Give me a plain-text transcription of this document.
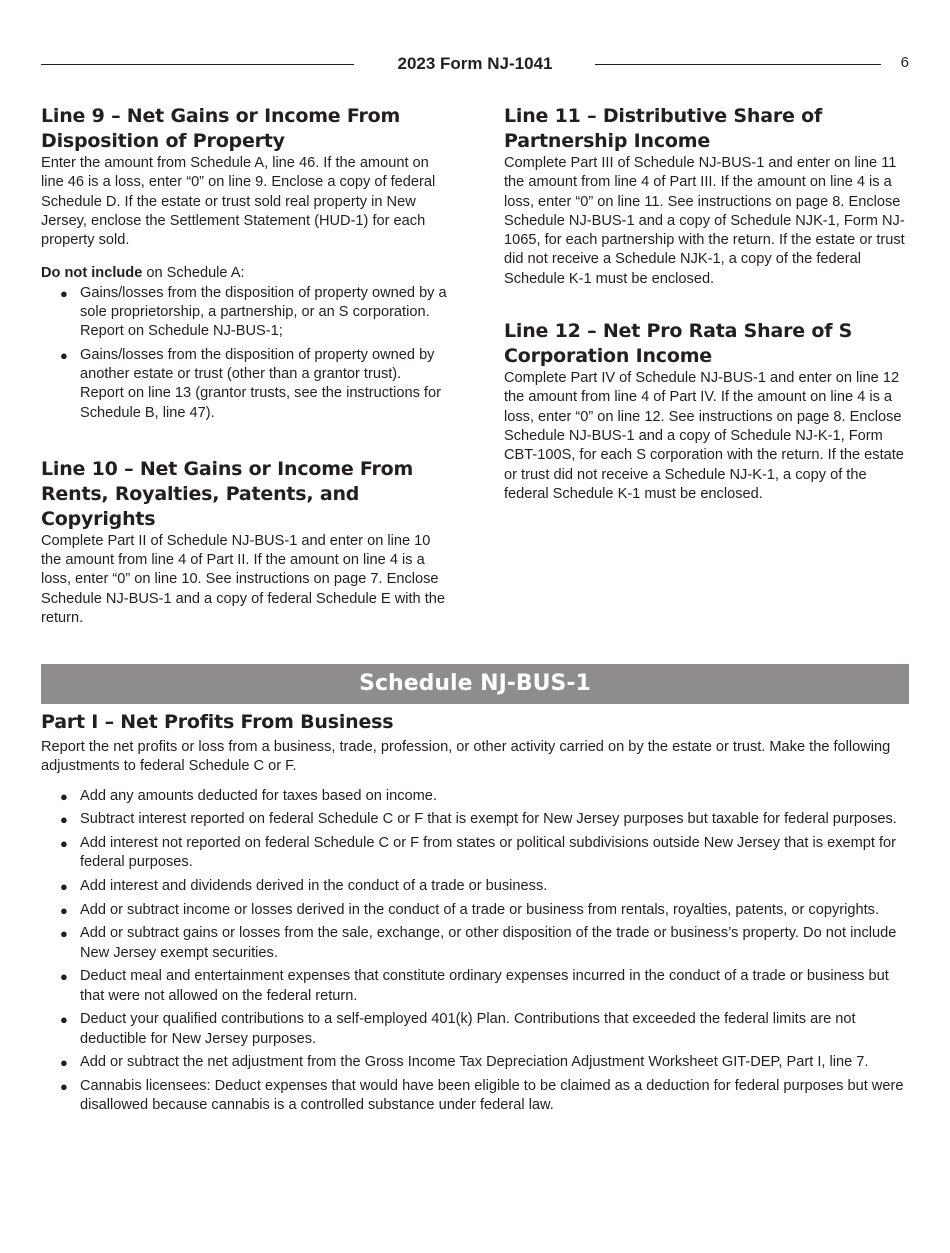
2023 Form NJ-1041	6
Line 9 – Net Gains or Income From Disposition of Property

Enter the amount from Schedule A, line 46. If the amount on line 46 is a loss, enter “0” on line 9. Enclose a copy of federal Schedule D. If the estate or trust sold real property in New Jersey, enclose the Settlement Statement (HUD-1) for each property sold.

Do not include on Schedule A:

● Gains/losses from the disposition of property owned by a sole proprietorship, a partnership, or an S corporation. Report on Schedule NJ-BUS-1;
● Gains/losses from the disposition of property owned by another estate or trust (other than a grantor trust). Report on line 13 (grantor trusts, see the instructions for Schedule B, line 47).
Line 10 – Net Gains or Income From Rents, Royalties, Patents, and Copyrights

Complete Part II of Schedule NJ-BUS-1 and enter on line 10 the amount from line 4 of Part II. If the amount on line 4 is a loss, enter “0” on line 10. See instructions on page 7. Enclose Schedule NJ-BUS-1 and a copy of federal Schedule E with the return.

Line 11 – Distributive Share of Partnership Income

Complete Part III of Schedule NJ-BUS-1 and enter on line 11 the amount from line 4 of Part III. If the amount on line 4 is a loss, enter “0” on line 11. See instructions on page 8. Enclose Schedule NJ-BUS-1 and a copy of Schedule NJK-1, Form NJ-1065, for each partnership with the return. If the estate or trust did not receive a Schedule NJK-1, a copy of the federal Schedule K-1 must be enclosed.

Line 12 – Net Pro Rata Share of S Corporation Income

Complete Part IV of Schedule NJ-BUS-1 and enter on line 12 the amount from line 4 of Part IV. If the amount on line 4 is a loss, enter “0” on line 12. See instructions on page 8. Enclose Schedule NJ-BUS-1 and a copy of Schedule NJ-K-1, Form CBT-100S, for each S corporation with the return. If the estate or trust did not receive a Schedule NJ-K-1, a copy of the federal Schedule K-1 must be enclosed.

Schedule NJ-BUS-1
Part I – Net Profits From Business

Report the net profits or loss from a business, trade, profession, or other activity carried on by the estate or trust. Make the following adjustments to federal Schedule C or F.

● Add any amounts deducted for taxes based on income.
● Subtract interest reported on federal Schedule C or F that is exempt for New Jersey purposes but taxable for federal purposes.
● Add interest not reported on federal Schedule C or F from states or political subdivisions outside New Jersey that is exempt for federal purposes.
● Add interest and dividends derived in the conduct of a trade or business.
● Add or subtract income or losses derived in the conduct of a trade or business from rentals, royalties, patents, or copyrights.
● Add or subtract gains or losses from the sale, exchange, or other disposition of the trade or business’s property. Do not include New Jersey exempt securities.
● Deduct meal and entertainment expenses that constitute ordinary expenses incurred in the conduct of a trade or business but that were not allowed on the federal return.
● Deduct your qualified contributions to a self-employed 401(k) Plan. Contributions that exceeded the federal limits are not deductible for New Jersey purposes.
● Add or subtract the net adjustment from the Gross Income Tax Depreciation Adjustment Worksheet GIT-DEP, Part I, line 7.
● Cannabis licensees: Deduct expenses that would have been eligible to be claimed as a deduction for federal purposes but were disallowed because cannabis is a controlled substance under federal law.
